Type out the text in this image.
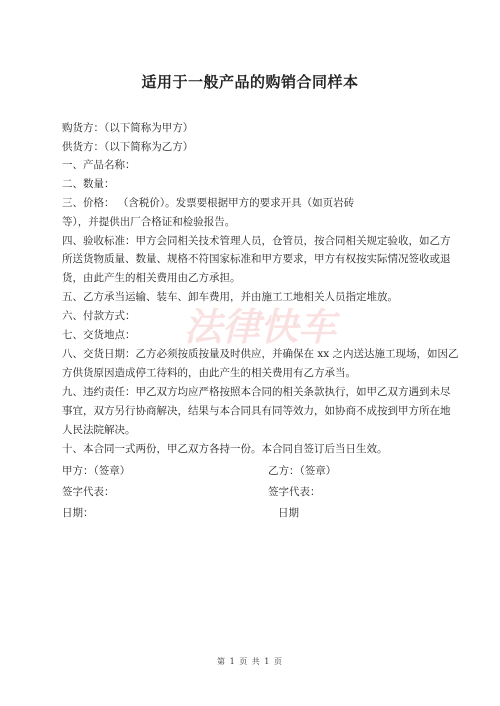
适用于一般产品的购销合同样本
购货方：（以下简称为甲方）
供货方：（以下简称为乙方）
一、产品名称：
二、数量：
三、价格： （含税价）。发票要根据甲方的要求开具（如页岩砖
等），并提供出厂合格证和检验报告。
四、验收标准：甲方会同相关技术管理人员，仓管员，按合同相关规定验收，如乙方
所送货物质量、数量、规格不符国家标准和甲方要求，甲方有权按实际情况签收或退
货，由此产生的相关费用由乙方承担。
五、乙方承当运输、装车、卸车费用，并由施工工地相关人员指定堆放。
六、付款方式：
七、交货地点：
八、交货日期：乙方必须按质按量及时供应，并确保在 xx 之内送达施工现场，如因乙
方供货原因造成停工待料的，由此产生的相关费用有乙方承当。
九、违约责任：甲乙双方均应严格按照本合同的相关条款执行，如甲乙双方遇到未尽
事宜，双方另行协商解决，结果与本合同具有同等效力，如协商不成按到甲方所在地
人民法院解决。
十、本合同一式两份，甲乙双方各持一份。本合同自签订后当日生效。
甲方：（签章）	乙方：（签章）
签字代表：	签字代表：
日期：	日期
法律快车
第 1 页 共 1 页
